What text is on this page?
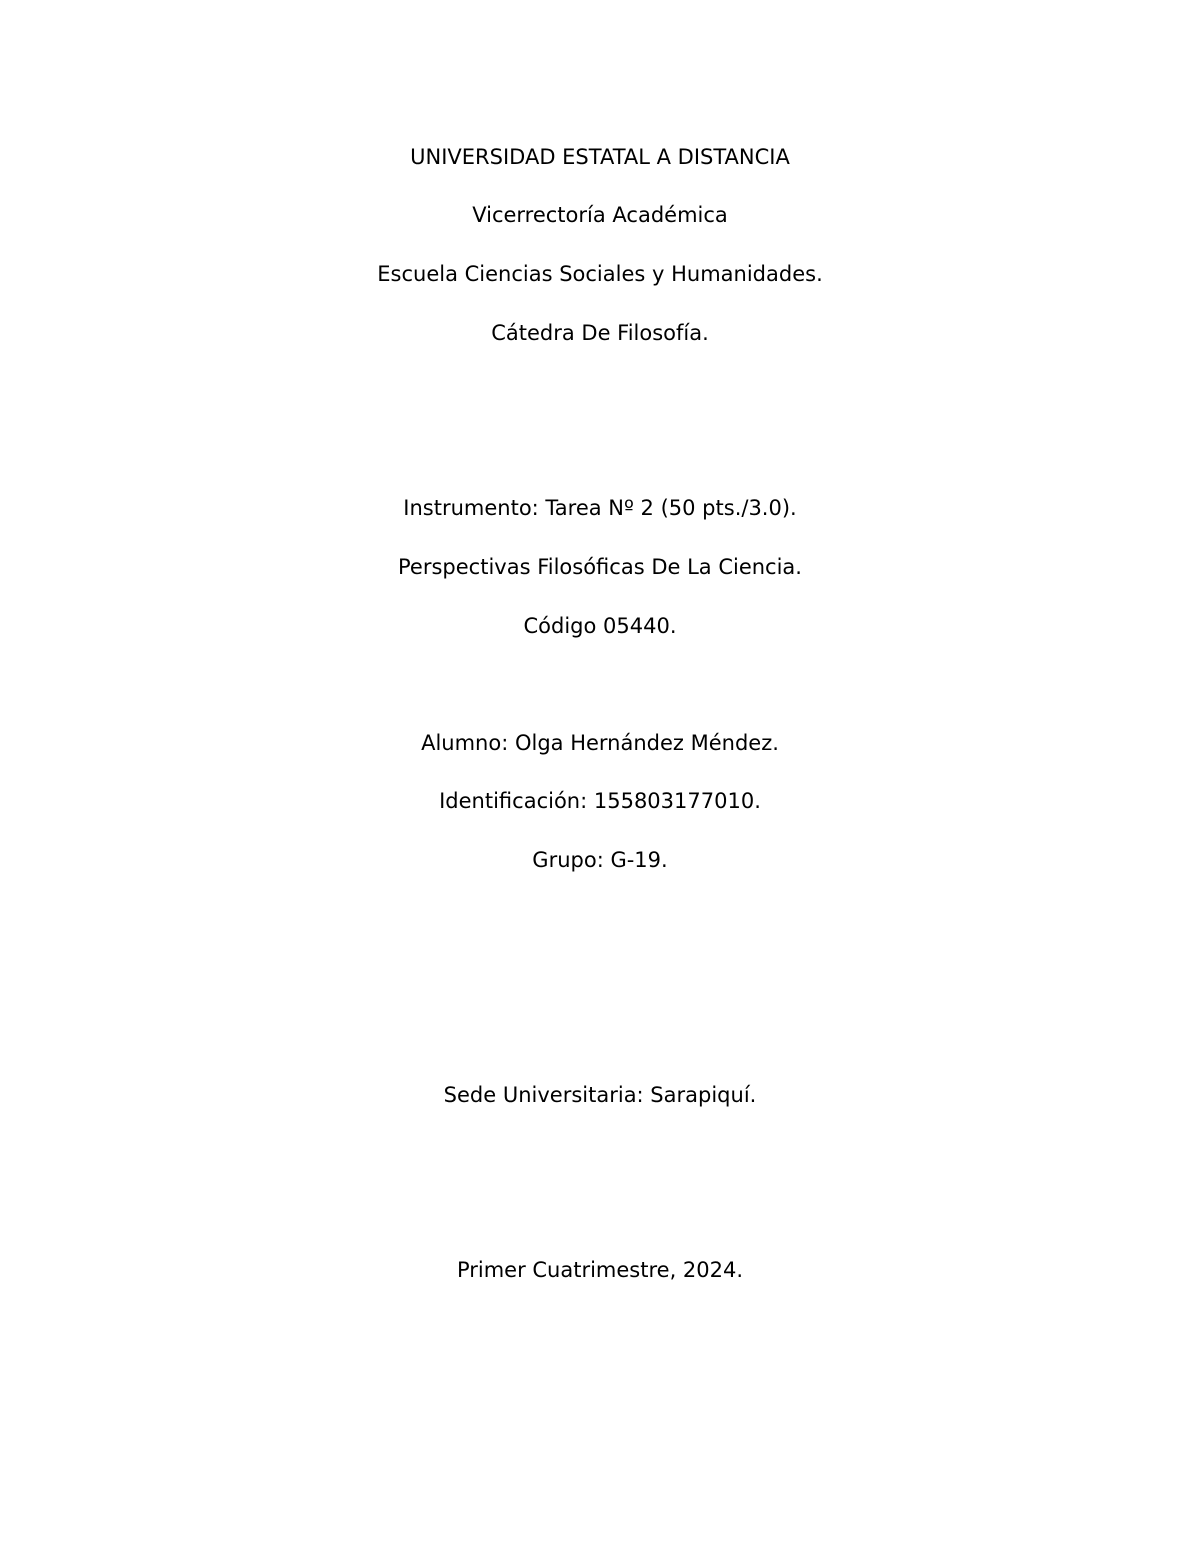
UNIVERSIDAD ESTATAL A DISTANCIA
Vicerrectoría Académica
Escuela Ciencias Sociales y Humanidades.
Cátedra De Filosofía.
Instrumento: Tarea Nº 2 (50 pts./3.0).
Perspectivas Filosóficas De La Ciencia.
Código 05440.
Alumno: Olga Hernández Méndez.
Identificación: 155803177010.
Grupo: G-19.
Sede Universitaria: Sarapiquí.
Primer Cuatrimestre, 2024.
